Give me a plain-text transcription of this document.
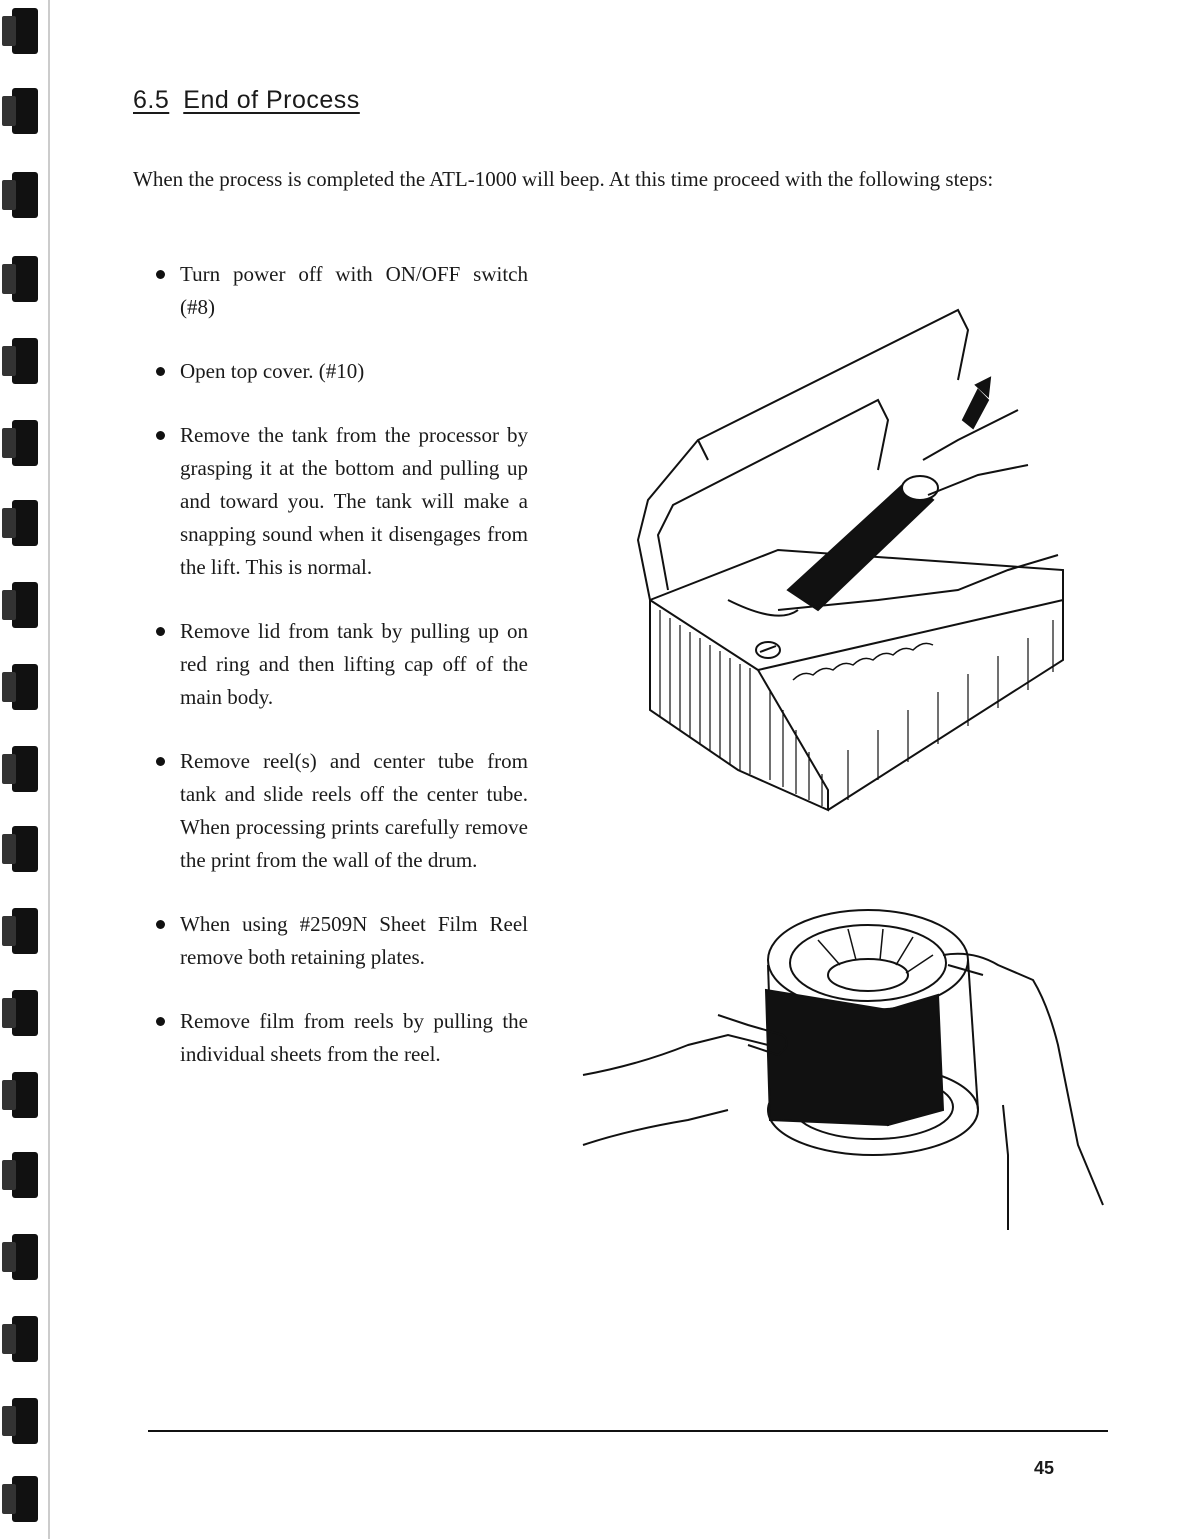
6.5 End of Process

When the process is completed the ATL-1000 will beep. At this time proceed with the following steps:

Turn power off with ON/OFF switch (#8)
Open top cover. (#10)
Remove the tank from the processor by grasping it at the bottom and pulling up and toward you. The tank will make a snapping sound when it disengages from the lift. This is normal.
Remove lid from tank by pulling up on red ring and then lifting cap off of the main body.
Remove reel(s) and center tube from tank and slide reels off the center tube. When processing prints carefully remove the print from the wall of the drum.
When using #2509N Sheet Film Reel remove both retaining plates.
Remove film from reels by pulling the individual sheets from the reel.
45
